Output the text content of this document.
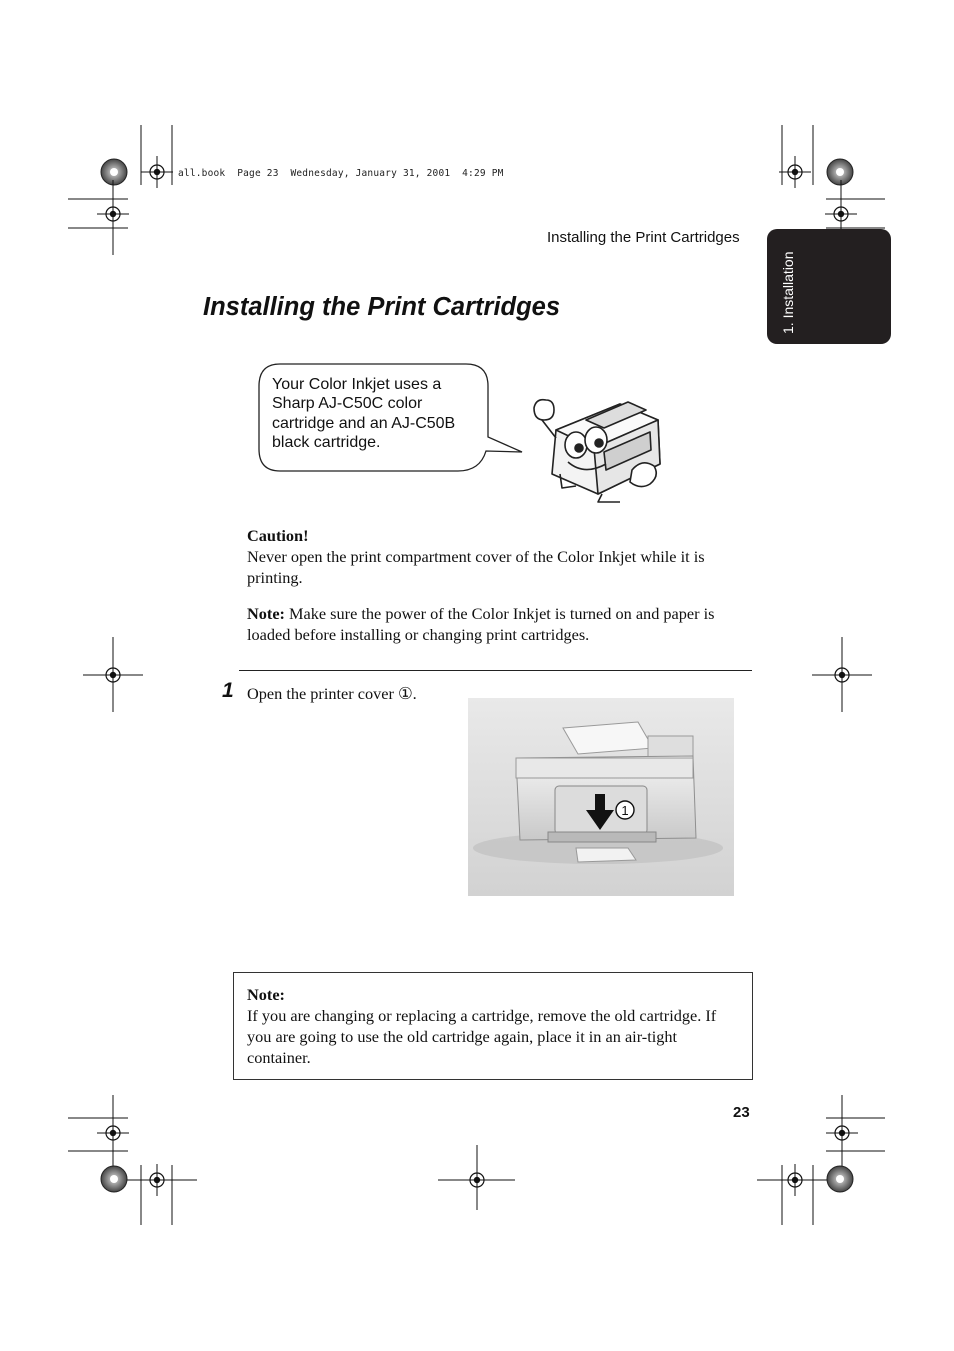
all.book  Page 23  Wednesday, January 31, 2001  4:29 PM
Installing the Print Cartridges
1. Installation
Installing the Print Cartridges
Your Color Inkjet uses a Sharp AJ-C50C color cartridge and an AJ-C50B black cartridge.
Caution!
Never open the print compartment cover of the Color Inkjet while it is printing.
Note: Make sure the power of the Color Inkjet is turned on and paper is loaded before installing or changing print cartridges.
1 Open the printer cover ①.
1
Note:
If you are changing or replacing a cartridge, remove the old cartridge. If you are going to use the old cartridge again, place it in an air-tight container.
23
